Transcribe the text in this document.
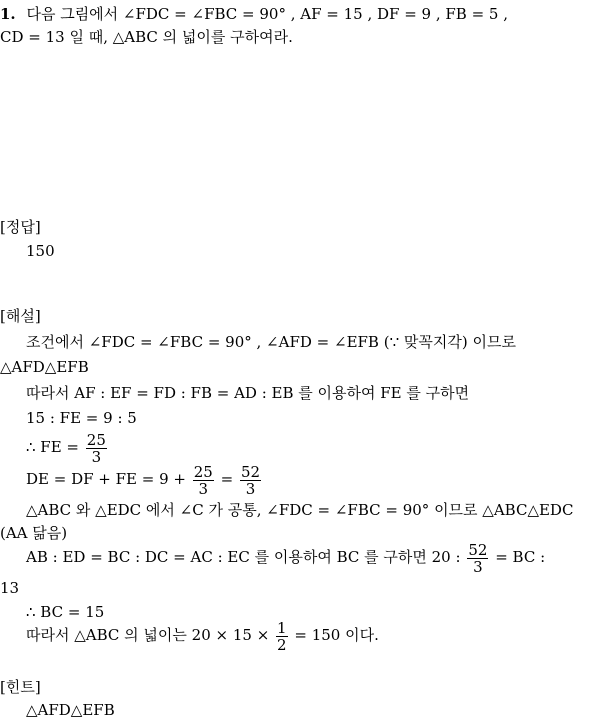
1. 다음 그림에서 ∠FDC = ∠FBC = 90° , AF = 15 , DF = 9 , FB = 5 ,
CD = 13 일 때, △ABC 의 넓이를 구하여라.
[정답]
150
[해설]
조건에서 ∠FDC = ∠FBC = 90° , ∠AFD = ∠EFB (∵ 맞꼭지각) 이므로
△AFD△EFB
따라서 AF : EF = FD : FB = AD : EB 를 이용하여 FE 를 구하면
15 : FE = 9 : 5
∴ FE = $\frac{25}{3}$
DE = DF + FE = $9 + \frac{25}{3} = \frac{52}{3}$
△ABC 와 △EDC 에서 ∠C 가 공통, ∠FDC = ∠FBC = 90° 이므로 △ABC△EDC
(AA 닮음)
AB : ED = BC : DC = AC : EC 를 이용하여 BC 를 구하면 20 : $\frac{52}{3}$ = BC :
13
∴ BC = 15
따라서 △ABC 의 넓이는 $20 \times 15 \times \frac{1}{2} = 150$ 이다.
[힌트]
△AFD△EFB
